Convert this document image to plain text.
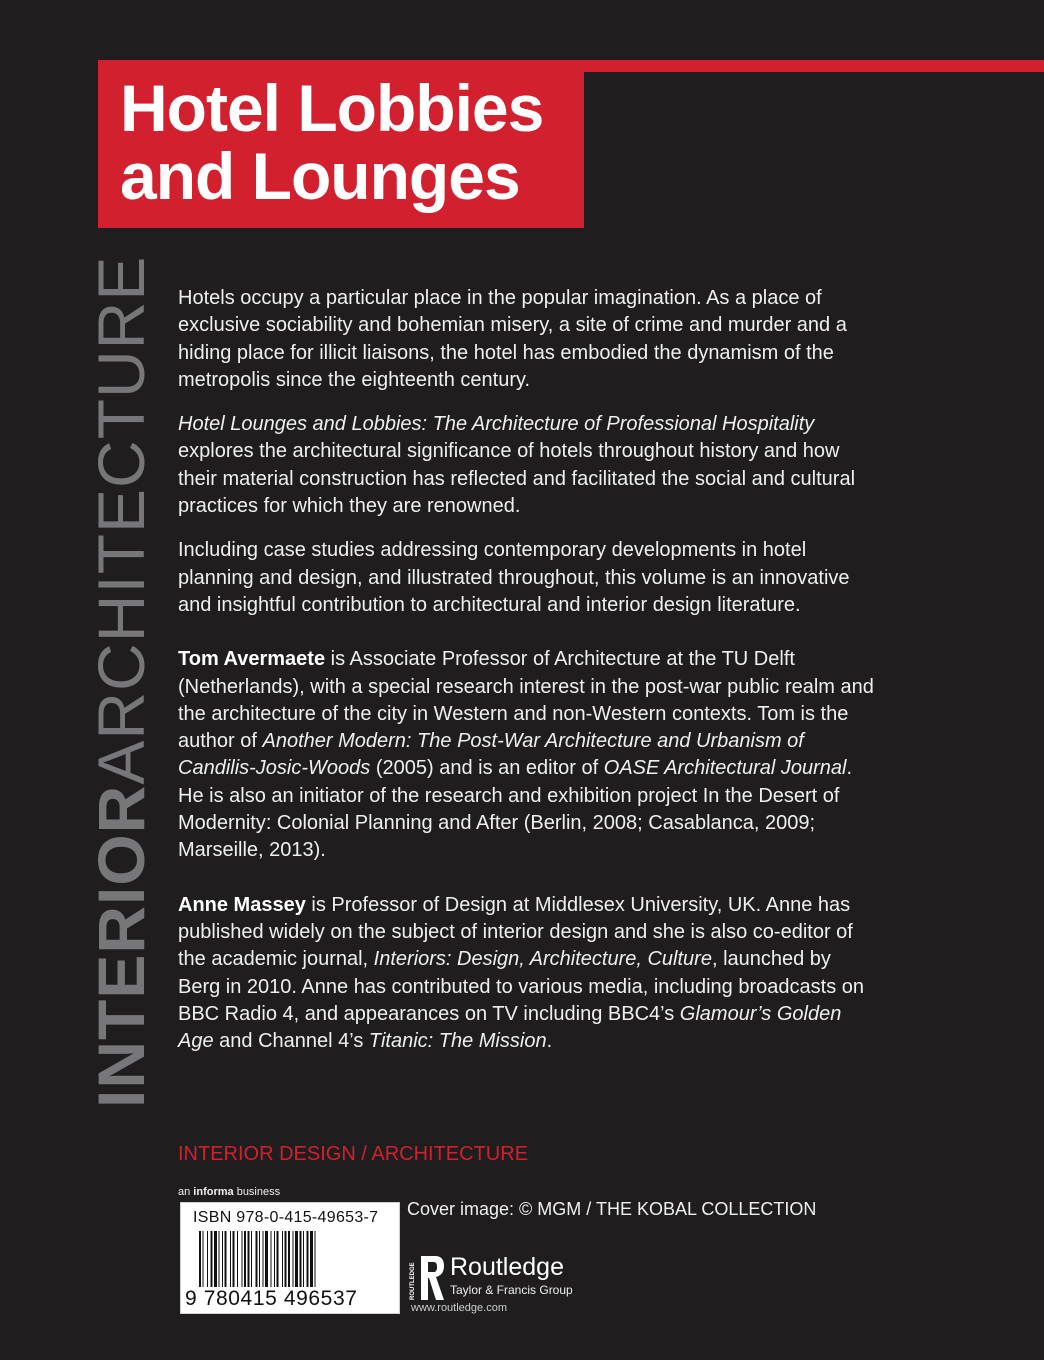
Hotel Lobbies
and Lounges
INTERIORARCHITECTURE Hotels occupy a particular place in the popular imagination. As a place of exclusive sociability and bohemian misery, a site of crime and murder and a hiding place for illicit liaisons, the hotel has embodied the dynamism of the metropolis since the eighteenth century.

Hotel Lounges and Lobbies: The Architecture of Professional Hospitality explores the architectural significance of hotels throughout history and how their material construction has reflected and facilitated the social and cultural practices for which they are renowned.

Including case studies addressing contemporary developments in hotel planning and design, and illustrated throughout, this volume is an innovative and insightful contribution to architectural and interior design literature.

Tom Avermaete is Associate Professor of Architecture at the TU Delft (Netherlands), with a special research interest in the post-war public realm and the architecture of the city in Western and non-Western contexts. Tom is the author of Another Modern: The Post-War Architecture and Urbanism of Candilis-Josic-Woods (2005) and is an editor of OASE Architectural Journal. He is also an initiator of the research and exhibition project In the Desert of Modernity: Colonial Planning and After (Berlin, 2008; Casablanca, 2009; Marseille, 2013).

Anne Massey is Professor of Design at Middlesex University, UK. Anne has published widely on the subject of interior design and she is also co-editor of the academic journal, Interiors: Design, Architecture, Culture, launched by Berg in 2010. Anne has contributed to various media, including broadcasts on BBC Radio 4, and appearances on TV including BBC4’s Glamour’s Golden Age and Channel 4’s Titanic: The Mission.

INTERIOR DESIGN / ARCHITECTURE
an informa business
ISBN 978-0-415-49653-7
9 780415 496537
Cover image: © MGM / THE KOBAL COLLECTION
ROUTLEDGE Routledge
Taylor & Francis Group
www.routledge.com
